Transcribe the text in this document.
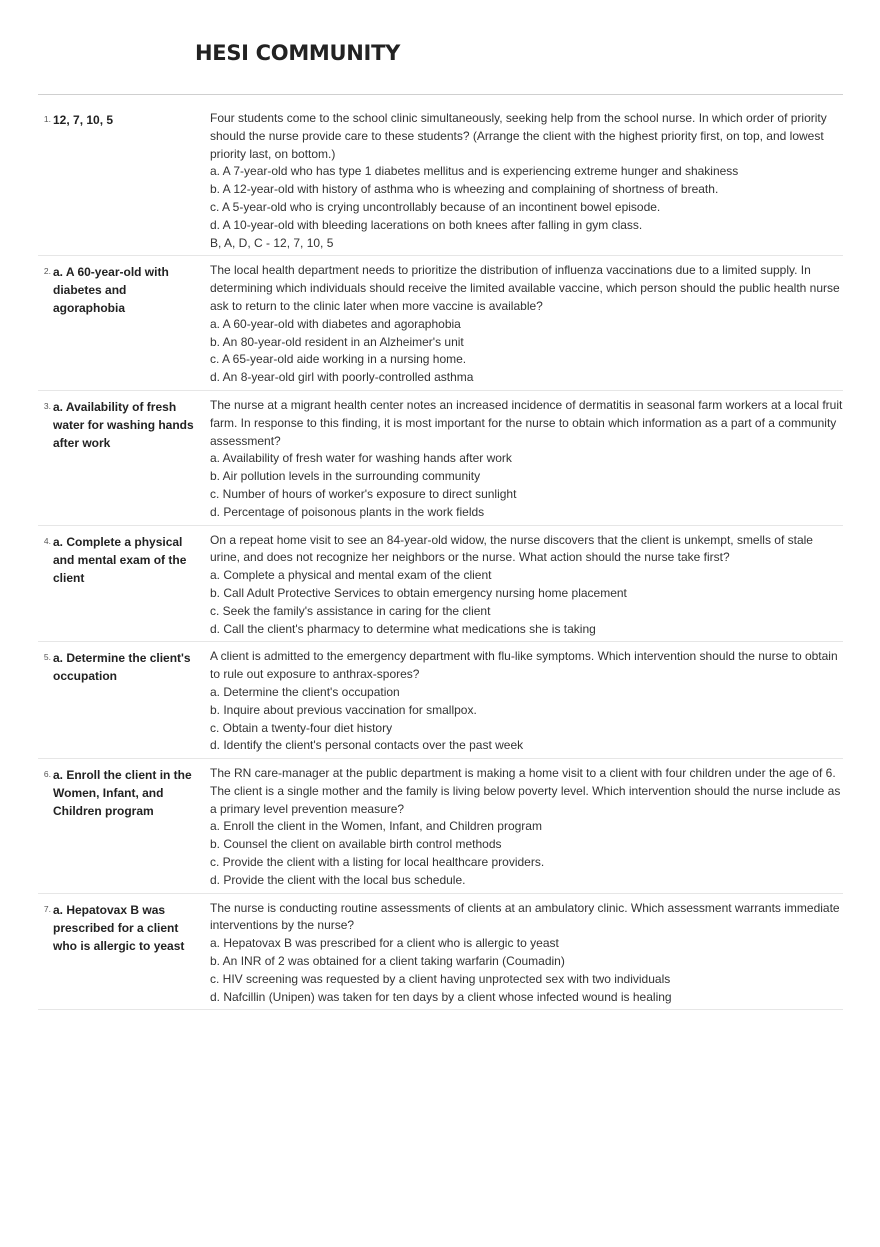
HESI COMMUNITY
1. 12, 7, 10, 5	Four students come to the school clinic simultaneously, seeking help from the school nurse. In which order of priority should the nurse provide care to these students? (Arrange the client with the highest priority first, on top, and lowest priority last, on bottom.)
a. A 7-year-old who has type 1 diabetes mellitus and is experiencing extreme hunger and shakiness
b. A 12-year-old with history of asthma who is wheezing and complaining of shortness of breath.
c. A 5-year-old who is crying uncontrollably because of an incontinent bowel episode.
d. A 10-year-old with bleeding lacerations on both knees after falling in gym class.
B, A, D, C - 12, 7, 10, 5
2. a. A 60-year-old with diabetes and agoraphobia
The local health department needs to prioritize the distribution of influenza vaccinations due to a limited supply. In determining which individuals should receive the limited available vaccine, which person should the public health nurse ask to return to the clinic later when more vaccine is available?
a. A 60-year-old with diabetes and agoraphobia
b. An 80-year-old resident in an Alzheimer's unit
c. A 65-year-old aide working in a nursing home.
d. An 8-year-old girl with poorly-controlled asthma
3. a. Availability of fresh water for washing hands after work
The nurse at a migrant health center notes an increased incidence of dermatitis in seasonal farm workers at a local fruit farm. In response to this finding, it is most important for the nurse to obtain which information as a part of a community assessment?
a. Availability of fresh water for washing hands after work
b. Air pollution levels in the surrounding community
c. Number of hours of worker's exposure to direct sunlight
d. Percentage of poisonous plants in the work fields
4. a. Complete a physical and mental exam of the client
On a repeat home visit to see an 84-year-old widow, the nurse discovers that the client is unkempt, smells of stale urine, and does not recognize her neighbors or the nurse. What action should the nurse take first?
a. Complete a physical and mental exam of the client
b. Call Adult Protective Services to obtain emergency nursing home placement
c. Seek the family's assistance in caring for the client
d. Call the client's pharmacy to determine what medications she is taking
5. a. Determine the client's occupation
A client is admitted to the emergency department with flu-like symptoms. Which intervention should the nurse to obtain to rule out exposure to anthrax-spores?
a. Determine the client's occupation
b. Inquire about previous vaccination for smallpox.
c. Obtain a twenty-four diet history
d. Identify the client's personal contacts over the past week
6. a. Enroll the client in the Women, Infant, and Children program
The RN care-manager at the public department is making a home visit to a client with four children under the age of 6. The client is a single mother and the family is living below poverty level. Which intervention should the nurse include as a primary level prevention measure?
a. Enroll the client in the Women, Infant, and Children program
b. Counsel the client on available birth control methods
c. Provide the client with a listing for local healthcare providers.
d. Provide the client with the local bus schedule.
7. a. Hepatovax B was prescribed for a client who is allergic to yeast
The nurse is conducting routine assessments of clients at an ambulatory clinic. Which assessment warrants immediate interventions by the nurse?
a. Hepatovax B was prescribed for a client who is allergic to yeast
b. An INR of 2 was obtained for a client taking warfarin (Coumadin)
c. HIV screening was requested by a client having unprotected sex with two individuals
d. Nafcillin (Unipen) was taken for ten days by a client whose infected wound is healing
